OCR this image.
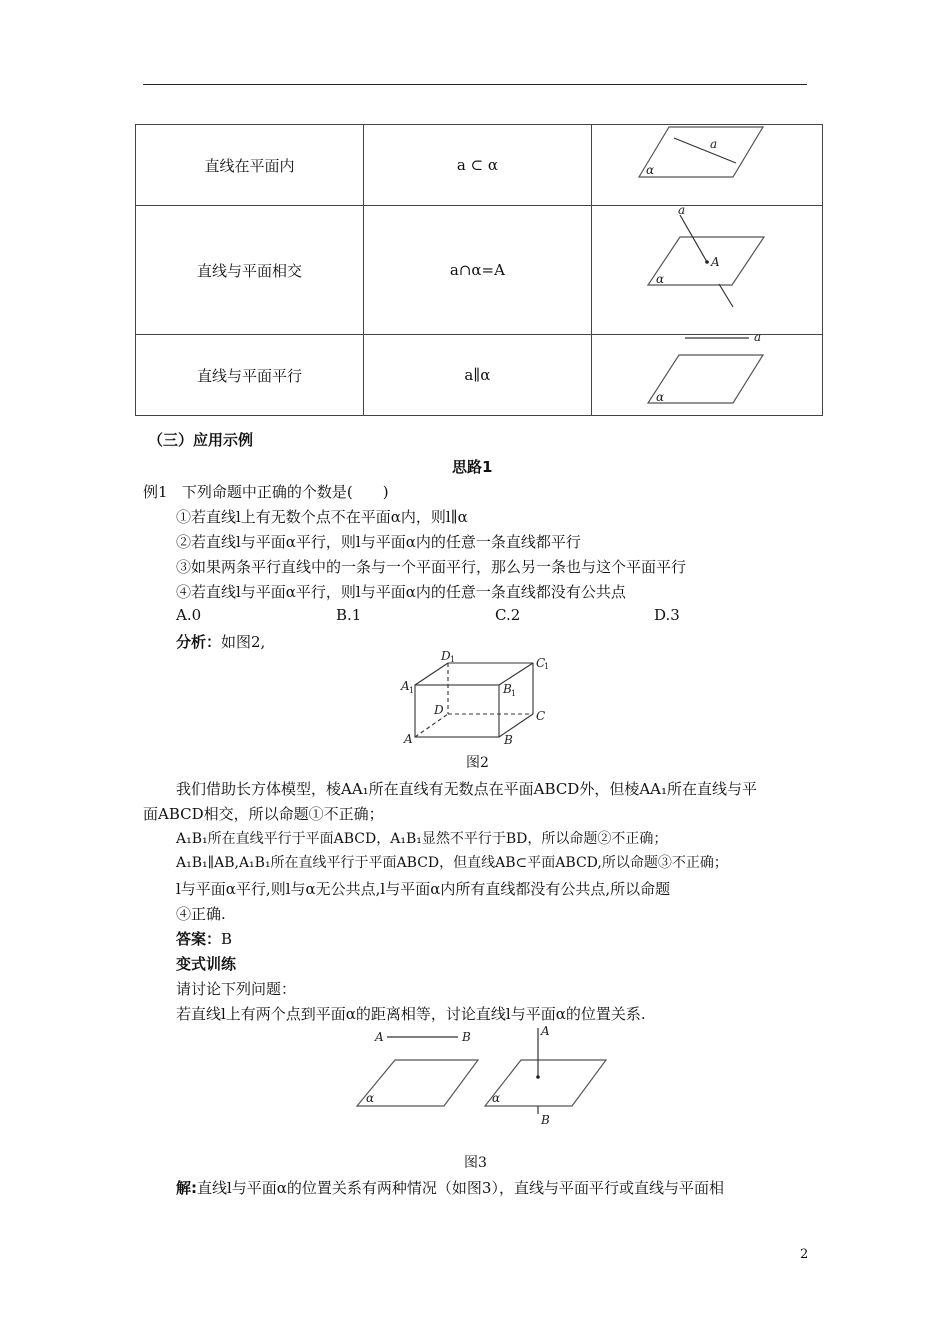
直线在平面内	a ⊂ α	a
α

直线与平面相交	a∩α=A	a
A
α

直线与平面平行	a∥α	a
α
（三）应用示例
思路1
例1 下列命题中正确的个数是(　　)
①若直线l上有无数个点不在平面α内，则l∥α
②若直线l与平面α平行，则l与平面α内的任意一条直线都平行
③如果两条平行直线中的一条与一个平面平行，那么另一条也与这个平面平行
④若直线l与平面α平行，则l与平面α内的任意一条直线都没有公共点
A.0	B.1	C.2	D.3
分析：如图2,
D 1	C
1
A 1	B 1
D	C
A	B
图2
我们借助长方体模型，棱AA₁所在直线有无数点在平面ABCD外，但棱AA₁所在直线与平
面ABCD相交，所以命题①不正确；
A₁B₁所在直线平行于平面ABCD，A₁B₁显然不平行于BD，所以命题②不正确；
A₁B₁∥AB,A₁B₁所在直线平行于平面ABCD，但直线AB⊂平面ABCD,所以命题③不正确；
l与平面α平行,则l与α无公共点,l与平面α内所有直线都没有公共点,所以命题
④正确.
答案：B
变式训练
请讨论下列问题：
若直线l上有两个点到平面α的距离相等，讨论直线l与平面α的位置关系.
A	B
α
A
B
α
图3
解:直线l与平面α的位置关系有两种情况（如图3），直线与平面平行或直线与平面相
2
